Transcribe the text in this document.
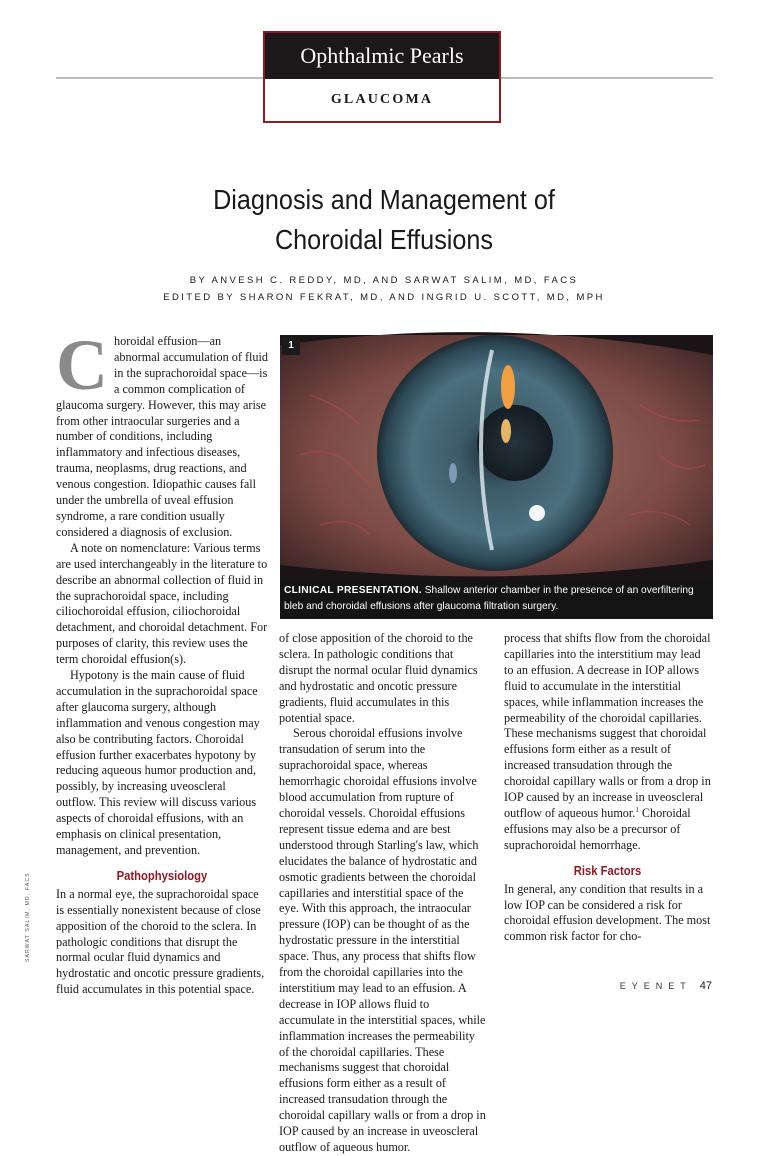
Ophthalmic Pearls
GLAUCOMA
Diagnosis and Management of
Choroidal Effusions
BY ANVESH C. REDDY, MD, AND SARWAT SALIM, MD, FACS
EDITED BY SHARON FEKRAT, MD, AND INGRID U. SCOTT, MD, MPH
1
CLINICAL PRESENTATION. Shallow anterior chamber in the presence of an overfiltering bleb and choroidal effusions after glaucoma filtration surgery.

Choroidal effusion—an abnormal accumulation of fluid in the suprachoroidal space—is a common complication of glaucoma surgery. However, this may arise from other intraocular surgeries and a number of conditions, including inflammatory and infectious diseases, trauma, neoplasms, drug reactions, and venous congestion. Idiopathic causes fall under the umbrella of uveal effusion syndrome, a rare condition usually considered a diagnosis of exclusion.

A note on nomenclature: Various terms are used interchangeably in the literature to describe an abnormal collection of fluid in the suprachoroidal space, including ciliochoroidal effusion, ciliochoroidal detachment, and choroidal detachment. For purposes of clarity, this review uses the term choroidal effusion(s).

Hypotony is the main cause of fluid accumulation in the suprachoroidal space after glaucoma surgery, although inflammation and venous congestion may also be contributing factors. Choroidal effusion further exacerbates hypotony by reducing aqueous humor production and, possibly, by increasing uveoscleral outflow. This review will discuss various aspects of choroidal effusions, with an emphasis on clinical presentation, management, and prevention.

Pathophysiology

In a normal eye, the suprachoroidal space is essentially nonexistent because of close apposition of the choroid to the sclera. In pathologic conditions that disrupt the normal ocular fluid dynamics and hydrostatic and oncotic pressure gradients, fluid accumulates in this potential space.

of close apposition of the choroid to the sclera. In pathologic conditions that disrupt the normal ocular fluid dynamics and hydrostatic and oncotic pressure gradients, fluid accumulates in this potential space.

Serous choroidal effusions involve transudation of serum into the suprachoroidal space, whereas hemorrhagic choroidal effusions involve blood accumulation from rupture of choroidal vessels. Choroidal effusions represent tissue edema and are best understood through Starling's law, which elucidates the balance of hydrostatic and osmotic gradients between the choroidal capillaries and interstitial space of the eye. With this approach, the intraocular pressure (IOP) can be thought of as the hydrostatic pressure in the interstitial space. Thus, any process that shifts flow from the choroidal capillaries into the interstitium may lead to an effusion. A decrease in IOP allows fluid to accumulate in the interstitial spaces, while inflammation increases the permeability of the choroidal capillaries. These mechanisms suggest that choroidal effusions form either as a result of increased transudation through the choroidal capillary walls or from a drop in IOP caused by an increase in uveoscleral outflow of aqueous humor.

process that shifts flow from the choroidal capillaries into the interstitium may lead to an effusion. A decrease in IOP allows fluid to accumulate in the interstitial spaces, while inflammation increases the permeability of the choroidal capillaries. These mechanisms suggest that choroidal effusions form either as a result of increased transudation through the choroidal capillary walls or from a drop in IOP caused by an increase in uveoscleral outflow of aqueous humor.$^1$ Choroidal effusions may also be a precursor of suprachoroidal hemorrhage.

Risk Factors

In general, any condition that results in a low IOP can be considered a risk for choroidal effusion development. The most common risk factor for cho-

SARWAT SALIM, MD, FACS
EYENET 47
